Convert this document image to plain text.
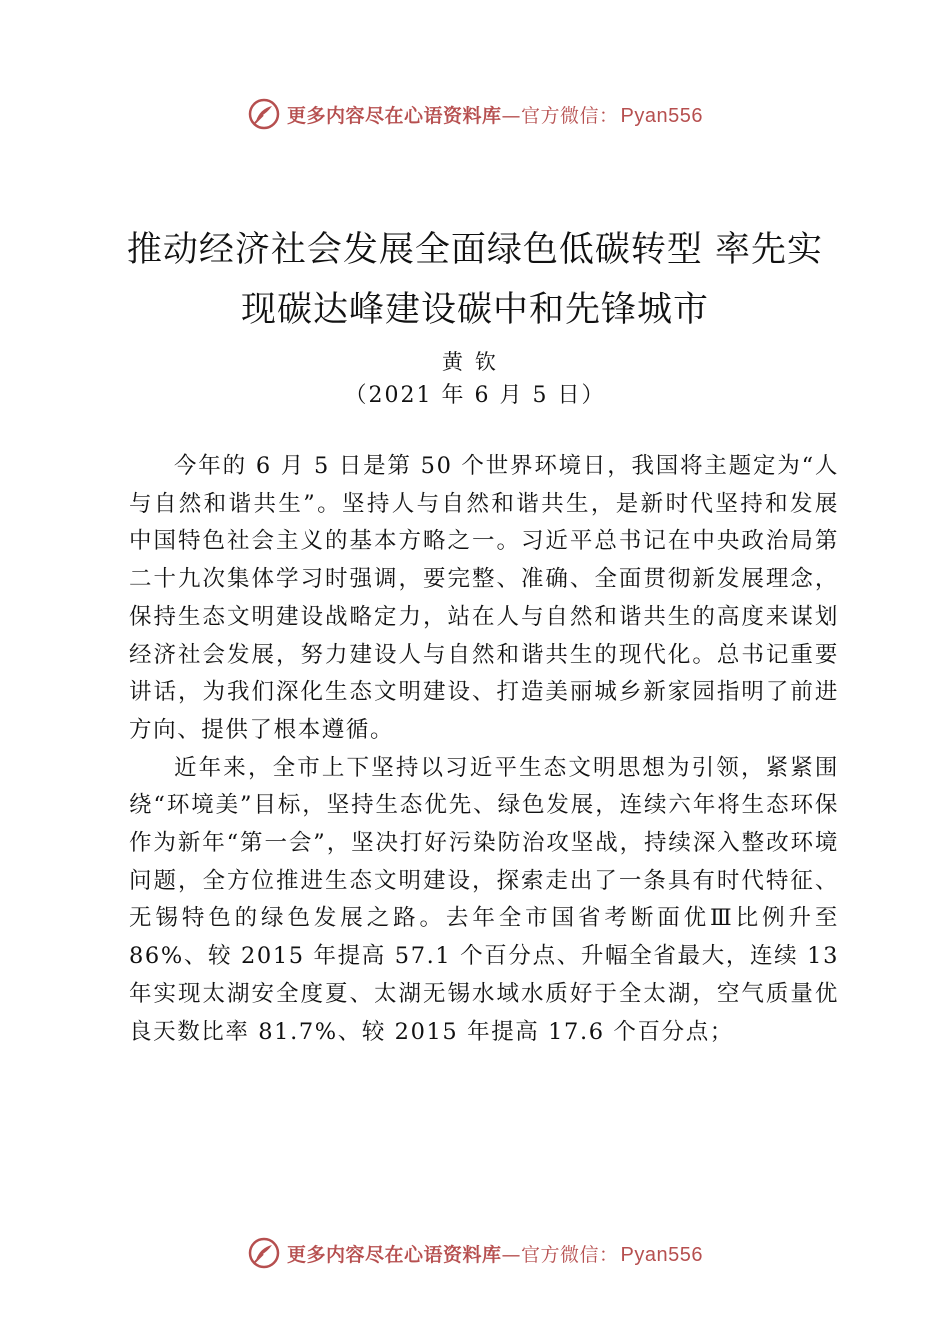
更多内容尽在心语资料库—官方微信： Pyan556
推动经济社会发展全面绿色低碳转型 率先实
现碳达峰建设碳中和先锋城市
黄钦
（2021 年 6 月 5 日）

今年的 6 月 5 日是第 50 个世界环境日，我国将主题定为“人与自然和谐共生”。坚持人与自然和谐共生，是新时代坚持和发展中国特色社会主义的基本方略之一。习近平总书记在中央政治局第二十九次集体学习时强调，要完整、准确、全面贯彻新发展理念，保持生态文明建设战略定力，站在人与自然和谐共生的高度来谋划经济社会发展，努力建设人与自然和谐共生的现代化。总书记重要讲话，为我们深化生态文明建设、打造美丽城乡新家园指明了前进方向、提供了根本遵循。

近年来，全市上下坚持以习近平生态文明思想为引领，紧紧围绕“环境美”目标，坚持生态优先、绿色发展，连续六年将生态环保作为新年“第一会”，坚决打好污染防治攻坚战，持续深入整改环境问题，全方位推进生态文明建设，探索走出了一条具有时代特征、无锡特色的绿色发展之路。去年全市国省考断面优Ⅲ比例升至 86%、较 2015 年提高 57.1 个百分点、升幅全省最大，连续 13 年实现太湖安全度夏、太湖无锡水域水质好于全太湖，空气质量优良天数比率 81.7%、较 2015 年提高 17.6 个百分点；

更多内容尽在心语资料库—官方微信： Pyan556
